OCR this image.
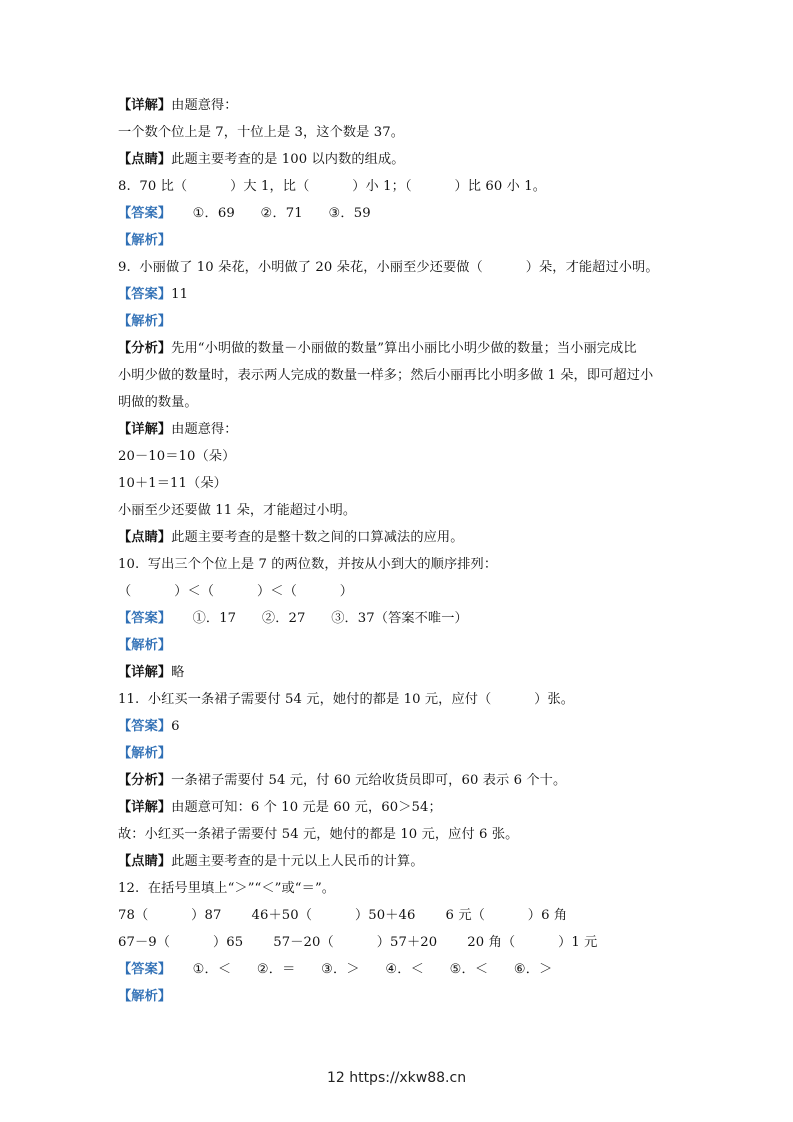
【详解】由题意得：
一个数个位上是 7，十位上是 3，这个数是 37。
【点睛】此题主要考查的是 100 以内数的组成。
8.  70 比（          ）大 1，比（          ）小 1；（          ）比 60 小 1。
【答案】     ①．69      ②．71      ③．59
【解析】
9.  小丽做了 10 朵花，小明做了 20 朵花，小丽至少还要做（          ）朵，才能超过小明。
【答案】11
【解析】
【分析】先用“小明做的数量－小丽做的数量”算出小丽比小明少做的数量；当小丽完成比
小明少做的数量时，表示两人完成的数量一样多；然后小丽再比小明多做 1 朵，即可超过小
明做的数量。
【详解】由题意得：
20－10＝10（朵）
10＋1＝11（朵）
小丽至少还要做 11 朵，才能超过小明。
【点睛】此题主要考查的是整十数之间的口算减法的应用。
10.  写出三个个位上是 7 的两位数，并按从小到大的顺序排列：
（          ）＜（          ）＜（          ）
【答案】     ①．17      ②．27      ③．37（答案不唯一）
【解析】
【详解】略
11.  小红买一条裙子需要付 54 元，她付的都是 10 元，应付（          ）张。
【答案】6
【解析】
【分析】一条裙子需要付 54 元，付 60 元给收货员即可，60 表示 6 个十。
【详解】由题意可知：6 个 10 元是 60 元，60＞54；
故：小红买一条裙子需要付 54 元，她付的都是 10 元，应付 6 张。
【点睛】此题主要考查的是十元以上人民币的计算。
12.  在括号里填上“＞”“＜”或“＝”。
78（          ）87       46＋50（          ）50＋46       6 元（          ）6 角
67－9（          ）65       57－20（          ）57＋20       20 角（          ）1 元
【答案】     ①．＜      ②．＝      ③．＞      ④．＜      ⑤．＜      ⑥．＞
【解析】
12 https://xkw88.cn
